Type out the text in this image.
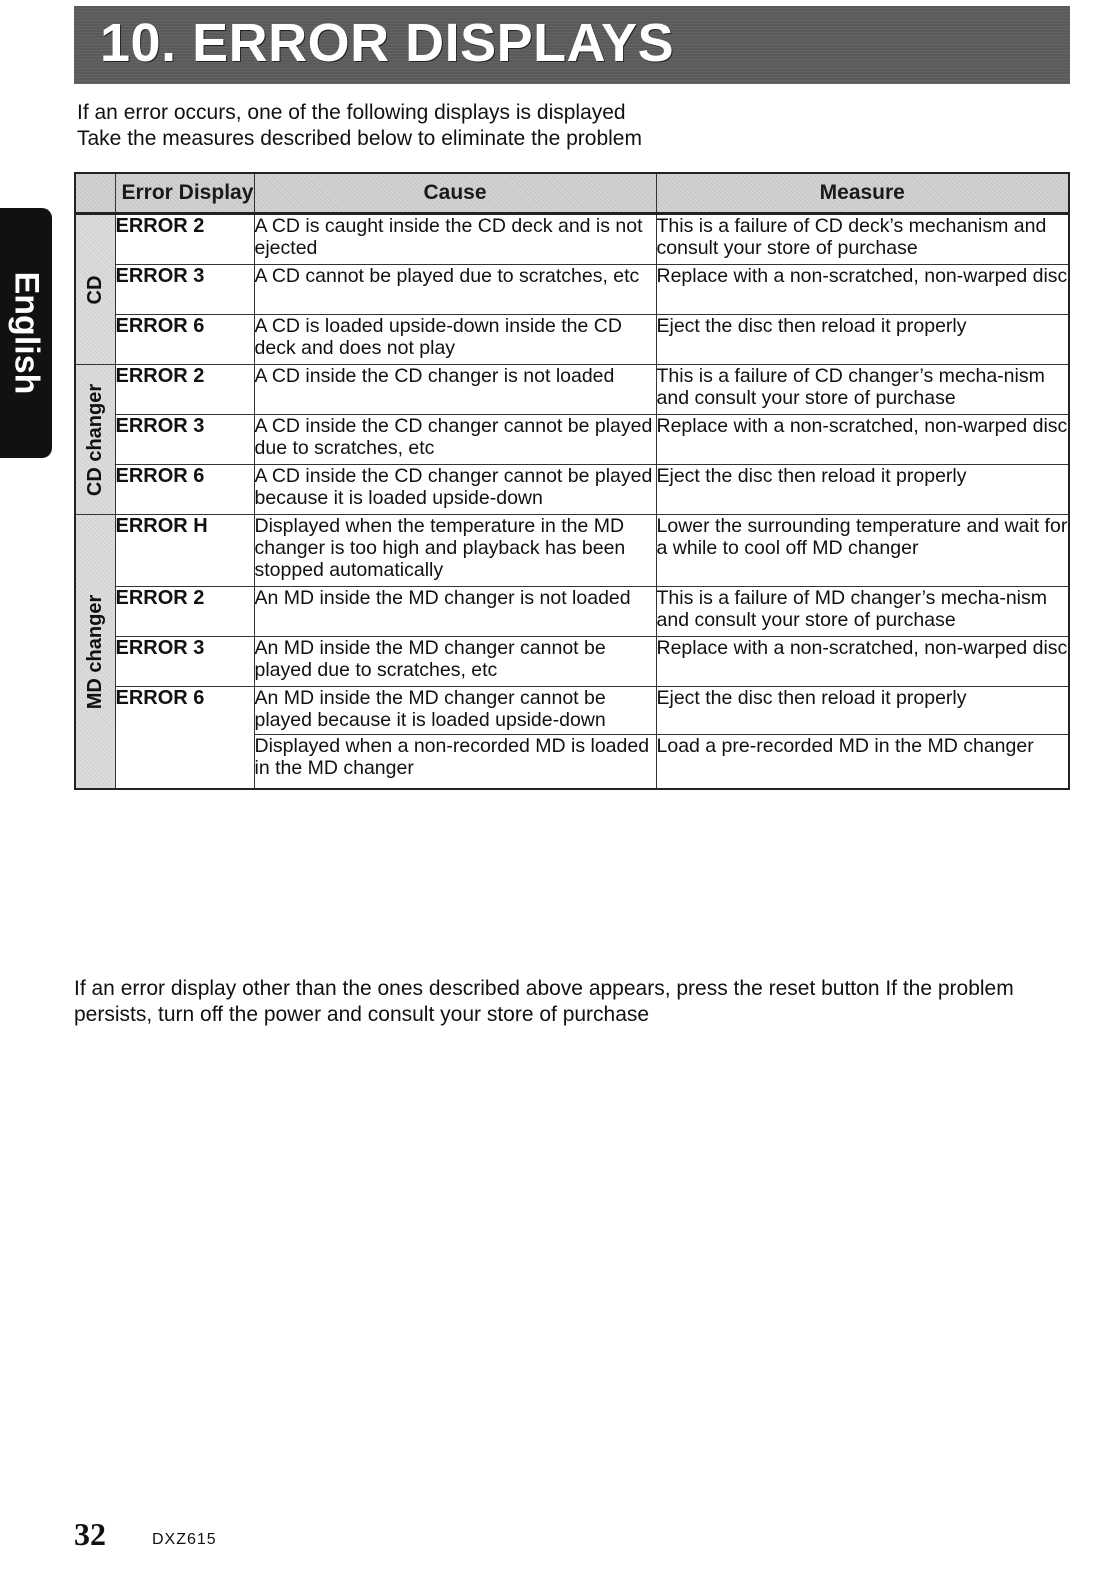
10. ERROR DISPLAYS
English
If an error occurs, one of the following displays is displayed
Take the measures described below to eliminate the problem
	Error Display	Cause	Measure

CD	ERROR 2	A CD is caught inside the CD deck and is not ejected	This is a failure of CD deck’s mechanism and consult your store of purchase
	ERROR 3	A CD cannot be played due to scratches, etc	Replace with a non-scratched, non-warped disc
	ERROR 6	A CD is loaded upside-down inside the CD deck and does not play	Eject the disc then reload it properly

CD changer	ERROR 2	A CD inside the CD changer is not loaded	This is a failure of CD changer’s mecha-nism and consult your store of purchase
	ERROR 3	A CD inside the CD changer cannot be played due to scratches, etc	Replace with a non-scratched, non-warped disc
	ERROR 6	A CD inside the CD changer cannot be played because it is loaded upside-down	Eject the disc then reload it properly

MD changer	ERROR H	Displayed when the temperature in the MD changer is too high and playback has been stopped automatically	Lower the surrounding temperature and wait for a while to cool off MD changer
	ERROR 2	An MD inside the MD changer is not loaded	This is a failure of MD changer’s mecha-nism and consult your store of purchase
	ERROR 3	An MD inside the MD changer cannot be played due to scratches, etc	Replace with a non-scratched, non-warped disc
	ERROR 6	An MD inside the MD changer cannot be played because it is loaded upside-down	Eject the disc then reload it properly
		Displayed when a non-recorded MD is loaded in the MD changer	Load a pre-recorded MD in the MD changer
If an error display other than the ones described above appears, press the reset button If the problem persists, turn off the power and consult your store of purchase
32	DXZ615
